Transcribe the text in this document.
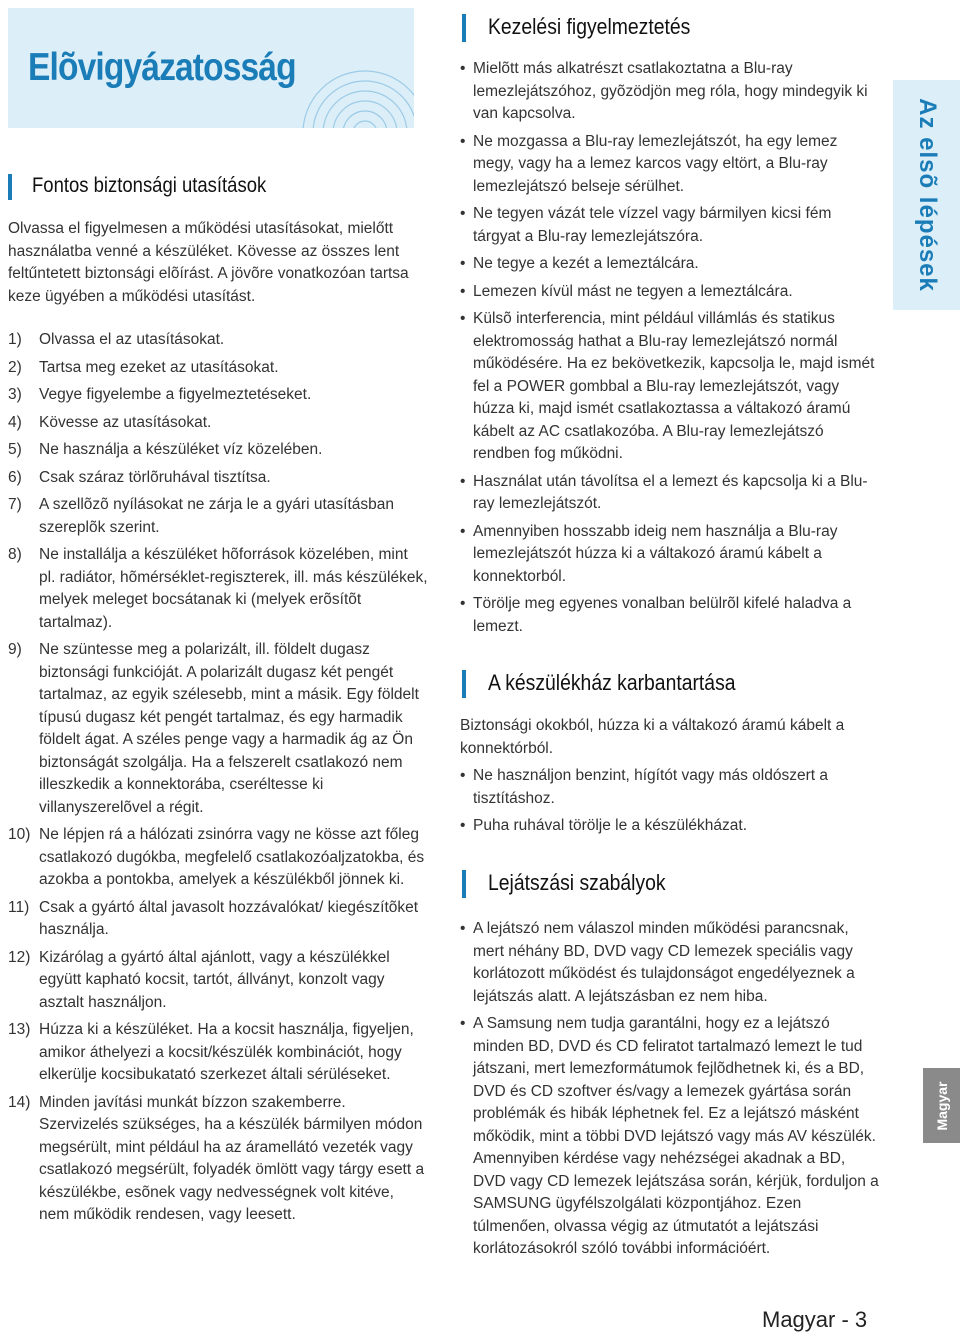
Elõvigyázatosság
Fontos biztonsági utasítások
Olvassa el figyelmesen a működési utasításokat, mielőtt használatba venné a készüléket. Kövesse az összes lent feltűntetett biztonsági elõírást. A jövõre vonatkozóan tartsa keze ügyében a működési utasítást.
1)	Olvassa el az utasításokat.
2)	Tartsa meg ezeket az utasításokat.
3)	Vegye figyelembe a figyelmeztetéseket.
4)	Kövesse az utasításokat.
5)	Ne használja a készüléket víz közelében.
6)	Csak száraz törlõruhával tisztítsa.
7)	A szellõzõ nyílásokat ne zárja le a gyári utasításban szereplõk szerint.
8)	Ne installálja a készüléket hõforrások közelében, mint pl. radiátor, hõmérséklet-regiszterek, ill. más készülékek, melyek meleget bocsátanak ki (melyek erõsítõt tartalmaz).
9)	Ne szüntesse meg a polarizált, ill. földelt dugasz biztonsági funkcióját. A polarizált dugasz két pengét tartalmaz, az egyik szélesebb, mint a másik. Egy földelt típusú dugasz két pengét tartalmaz, és egy harmadik földelt ágat. A széles penge vagy a harmadik ág az Ön biztonságát szolgálja. Ha a felszerelt csatlakozó nem illeszkedik a konnektorába, cseréltesse ki villanyszerelõvel a régit.
10) Ne lépjen rá a hálózati zsinórra vagy ne kösse azt főleg csatlakozó dugókba, megfelelő csatlakozóaljzatokba, és azokba a pontokba, amelyek a készülékből jönnek ki.
11) Csak a gyártó által javasolt hozzávalókat/ kiegészítõket használja.
12) Kizárólag a gyártó által ajánlott, vagy a készülékkel együtt kapható kocsit, tartót, állványt, konzolt vagy asztalt használjon.
13) Húzza ki a készüléket. Ha a kocsit használja, figyeljen, amikor áthelyezi a kocsit/készülék kombinációt, hogy elkerülje kocsibukatató szerkezet általi sérüléseket.
14) Minden javítási munkát bízzon szakemberre. Szervizelés szükséges, ha a készülék bármilyen módon megsérült, mint például ha az áramellátó vezeték vagy csatlakozó megsérült, folyadék ömlött vagy tárgy esett a készülékbe, esõnek vagy nedvességnek volt kitéve, nem működik rendesen, vagy leesett.
Kezelési figyelmeztetés
• Mielõtt más alkatrészt csatlakoztatna a Blu-ray lemezlejátszóhoz, gyõzödjön meg róla, hogy mindegyik ki van kapcsolva.
• Ne mozgassa a Blu-ray lemezlejátszót, ha egy lemez megy, vagy ha a lemez karcos vagy eltört, a Blu-ray lemezlejátszó belseje sérülhet.
• Ne tegyen vázát tele vízzel vagy bármilyen kicsi fém tárgyat a Blu-ray lemezlejátszóra.
• Ne tegye a kezét a lemeztálcára.
• Lemezen kívül mást ne tegyen a lemeztálcára.
• Külsõ interferencia, mint például villámlás és statikus elektromosság hathat a Blu-ray lemezlejátszó normál működésére. Ha ez bekövetkezik, kapcsolja le, majd ismét fel a POWER gombbal a Blu-ray lemezlejátszót, vagy húzza ki, majd ismét csatlakoztassa a váltakozó áramú kábelt az AC csatlakozóba. A Blu-ray lemezlejátszó rendben fog működni.
• Használat után távolítsa el a lemezt és kapcsolja ki a Blu-ray lemezlejátszót.
• Amennyiben hosszabb ideig nem használja a Blu-ray lemezlejátszót húzza ki a váltakozó áramú kábelt a konnektorból.
• Törölje meg egyenes vonalban belülrõl kifelé haladva a lemezt.
A készülékház karbantartása

Biztonsági okokból, húzza ki a váltakozó áramú kábelt a konnektórból.

• Ne használjon benzint, hígítót vagy más oldószert a tisztításhoz.
• Puha ruhával törölje le a készülékházat.
Lejátszási szabályok
• A lejátszó nem válaszol minden működési parancsnak, mert néhány BD, DVD vagy CD lemezek speciális vagy korlátozott működést és tulajdonságot engedélyeznek a lejátszás alatt. A lejátszásban ez nem hiba.
• A Samsung nem tudja garantálni, hogy ez a lejátszó minden BD, DVD és CD feliratot tartalmazó lemezt le tud játszani, mert lemezformátumok fejlõdhetnek ki, és a BD, DVD és CD szoftver és/vagy a lemezek gyártása során problémák és hibák léphetnek fel. Ez a lejátszó másként mőködik, mint a többi DVD lejátszó vagy más AV készülék. Amennyiben kérdése vagy nehézségei akadnak a BD, DVD vagy CD lemezek lejátszása során, kérjük, forduljon a SAMSUNG ügyfélszolgálati központjához. Ezen túlmenően, olvassa végig az útmutatót a lejátszási korlátozásokról szóló további információért.
Az elsõ lépések
Magyar
Magyar - 3
